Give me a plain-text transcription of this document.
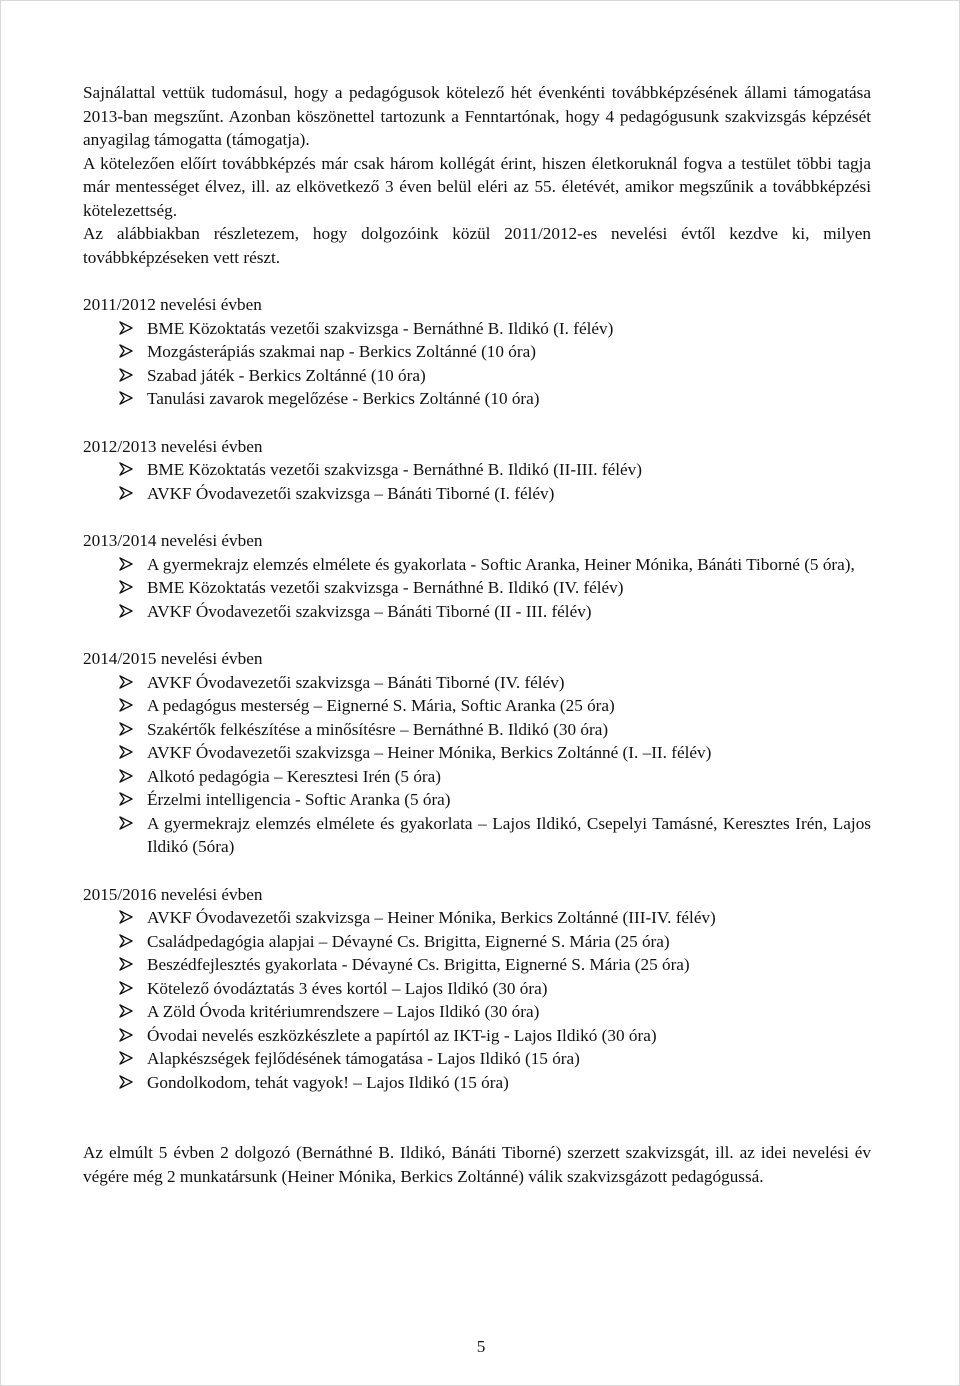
Sajnálattal vettük tudomásul, hogy a pedagógusok kötelező hét évenkénti továbbképzésének állami támogatása 2013-ban megszűnt. Azonban köszönettel tartozunk a Fenntartónak, hogy 4 pedagógusunk szakvizsgás képzését anyagilag támogatta (támogatja).

A kötelezően előírt továbbképzés már csak három kollégát érint, hiszen életkoruknál fogva a testület többi tagja már mentességet élvez, ill. az elkövetkező 3 éven belül eléri az 55. életévét, amikor megszűnik a továbbképzési kötelezettség.

Az alábbiakban részletezem, hogy dolgozóink közül 2011/2012-es nevelési évtől kezdve ki, milyen továbbképzéseken vett részt.

2011/2012 nevelési évben

BME Közoktatás vezetői szakvizsga - Bernáthné B. Ildikó (I. félév)
Mozgásterápiás szakmai nap - Berkics Zoltánné (10 óra)
Szabad játék - Berkics Zoltánné (10 óra)
Tanulási zavarok megelőzése - Berkics Zoltánné (10 óra)

2012/2013 nevelési évben

BME Közoktatás vezetői szakvizsga - Bernáthné B. Ildikó (II-III. félév)
AVKF Óvodavezetői szakvizsga – Bánáti Tiborné (I. félév)

2013/2014 nevelési évben

A gyermekrajz elemzés elmélete és gyakorlata - Softic Aranka, Heiner Mónika, Bánáti Tiborné (5 óra),
BME Közoktatás vezetői szakvizsga - Bernáthné B. Ildikó (IV. félév)
AVKF Óvodavezetői szakvizsga – Bánáti Tiborné (II - III. félév)

2014/2015 nevelési évben

AVKF Óvodavezetői szakvizsga – Bánáti Tiborné (IV. félév)
A pedagógus mesterség – Eignerné S. Mária, Softic Aranka (25 óra)
Szakértők felkészítése a minősítésre – Bernáthné B. Ildikó (30 óra)
AVKF Óvodavezetői szakvizsga – Heiner Mónika, Berkics Zoltánné (I. –II. félév)
Alkotó pedagógia – Keresztesi Irén (5 óra)
Érzelmi intelligencia - Softic Aranka (5 óra)
A gyermekrajz elemzés elmélete és gyakorlata – Lajos Ildikó, Csepelyi Tamásné, Keresztes Irén, Lajos Ildikó (5óra)

2015/2016 nevelési évben

AVKF Óvodavezetői szakvizsga – Heiner Mónika, Berkics Zoltánné (III-IV. félév)
Családpedagógia alapjai – Dévayné Cs. Brigitta, Eignerné S. Mária (25 óra)
Beszédfejlesztés gyakorlata - Dévayné Cs. Brigitta, Eignerné S. Mária (25 óra)
Kötelező óvodáztatás 3 éves kortól – Lajos Ildikó (30 óra)
A Zöld Óvoda kritériumrendszere – Lajos Ildikó (30 óra)
Óvodai nevelés eszközkészlete a papírtól az IKT-ig - Lajos Ildikó (30 óra)
Alapkészségek fejlődésének támogatása - Lajos Ildikó (15 óra)
Gondolkodom, tehát vagyok! – Lajos Ildikó (15 óra)

Az elmúlt 5 évben 2 dolgozó (Bernáthné B. Ildikó, Bánáti Tiborné) szerzett szakvizsgát, ill. az idei nevelési év végére még 2 munkatársunk (Heiner Mónika, Berkics Zoltánné) válik szakvizsgázott pedagógussá.

5
